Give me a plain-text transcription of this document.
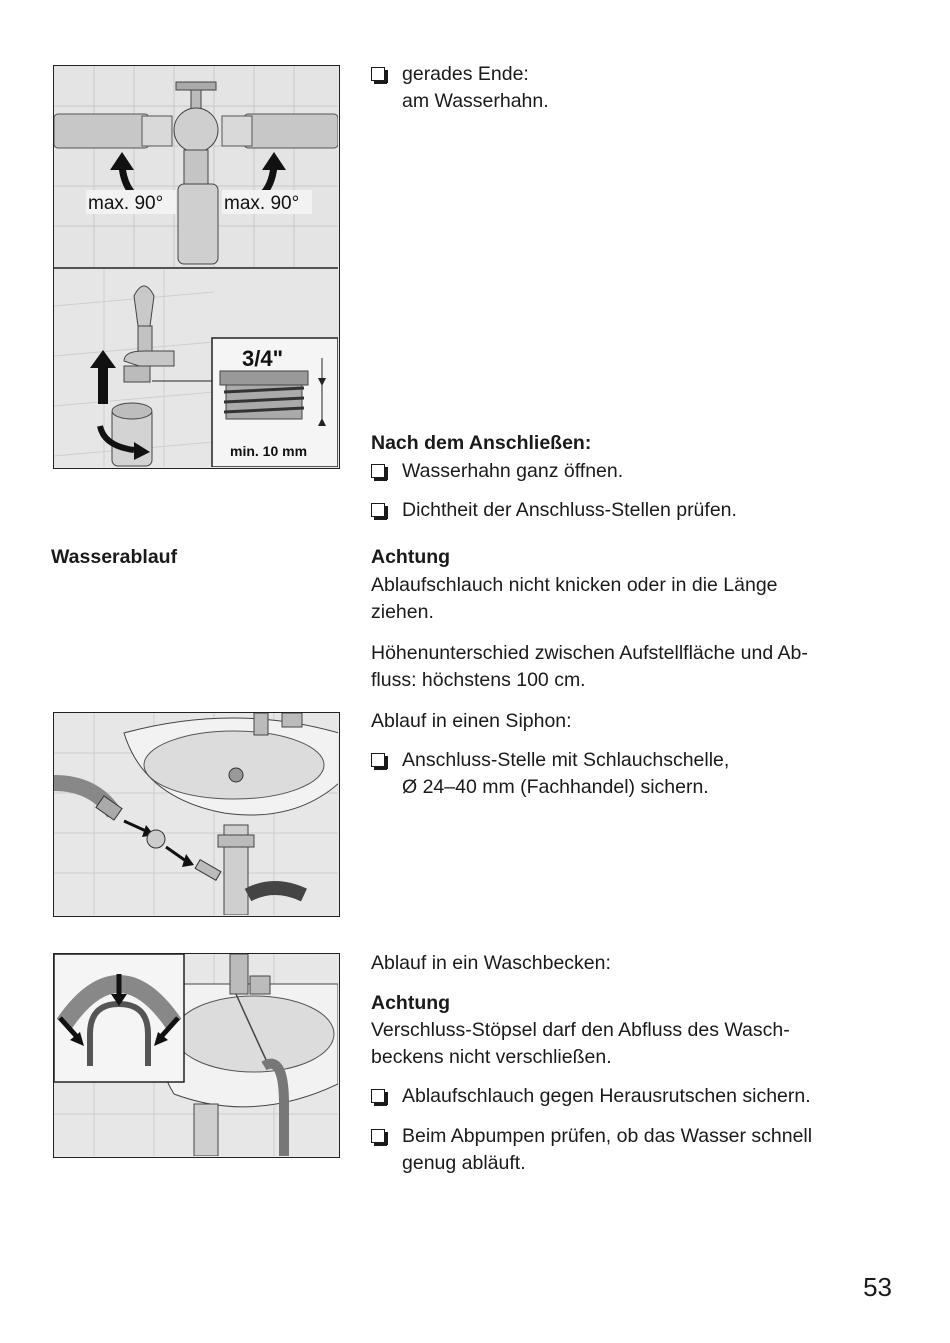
max. 90°	max. 90°
3/4"
min. 10 mm
gerades Ende:
am Wasserhahn.
Nach dem Anschließen:
Wasserhahn ganz öffnen.
Dichtheit der Anschluss-Stellen prüfen.
Wasserablauf	Achtung
Ablaufschlauch nicht knicken oder in die Länge
ziehen.
Höhenunterschied zwischen Aufstellfläche und Ab-
fluss: höchstens 100 cm.
Ablauf in einen Siphon:
Anschluss-Stelle mit Schlauchschelle,
Ø 24–40 mm (Fachhandel) sichern.
Ablauf in ein Waschbecken:
Achtung
Verschluss-Stöpsel darf den Abfluss des Wasch-
beckens nicht verschließen.
Ablaufschlauch gegen Herausrutschen sichern.
Beim Abpumpen prüfen, ob das Wasser schnell
genug abläuft.
53
